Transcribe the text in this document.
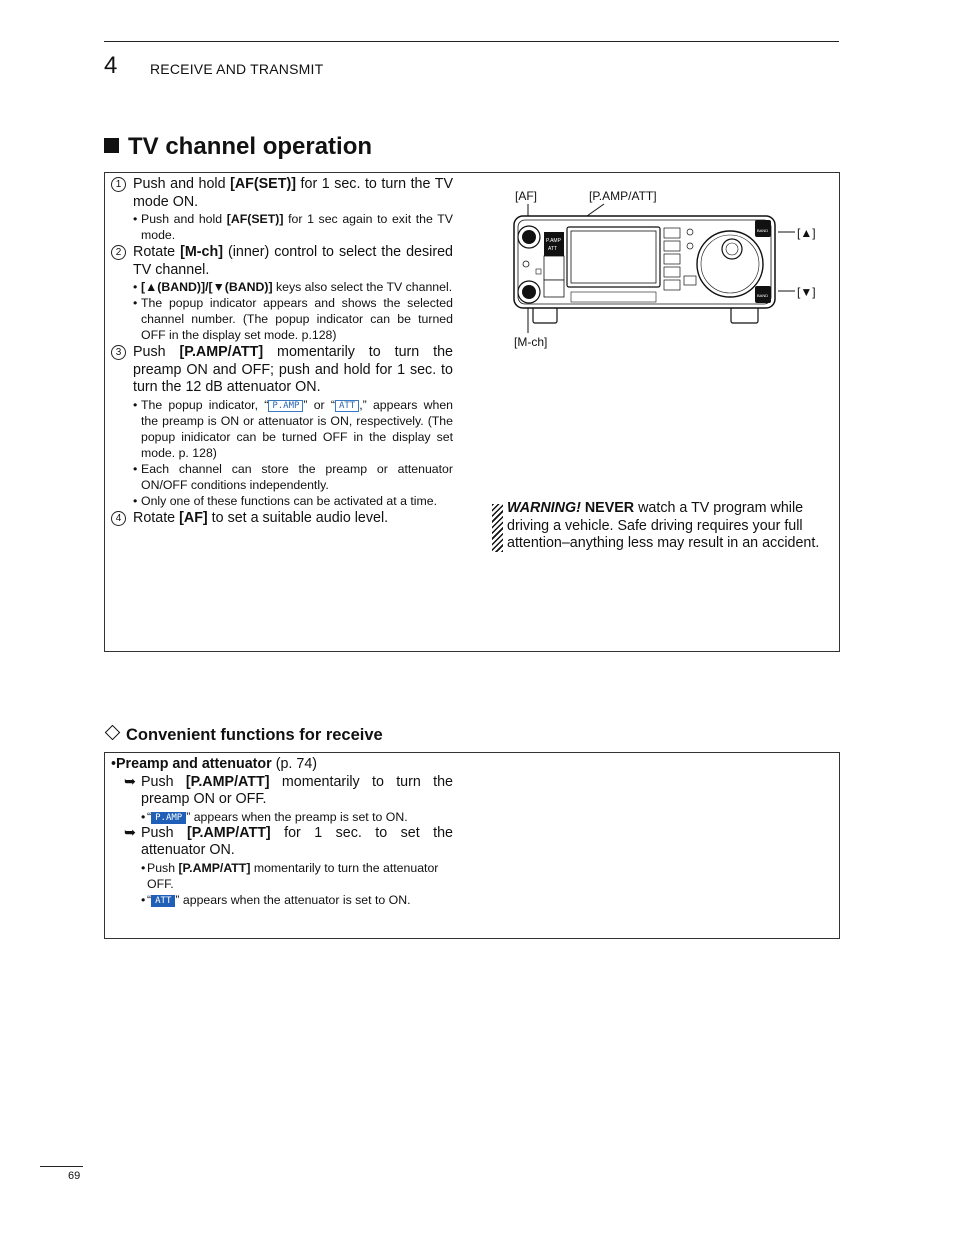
4 RECEIVE AND TRANSMIT
TV channel operation
1 Push and hold [AF(SET)] for 1 sec. to turn the TV mode ON.
• Push and hold [AF(SET)] for 1 sec again to exit the TV mode.
2 Rotate [M-ch] (inner) control to select the desired TV channel.
• [▲(BAND)]/[▼(BAND)] keys also select the TV channel.
• The popup indicator appears and shows the selected channel number. (The popup indicator can be turned OFF in the display set mode. p.128)
3 Push [P.AMP/ATT] momentarily to turn the preamp ON and OFF; push and hold for 1 sec. to turn the 12 dB attenuator ON.
• The popup indicator, “ P.AMP ” or “ ATT ,” appears when the preamp is ON or attenuator is ON, respectively. (The popup inidicator can be turned OFF in the display set mode. p. 128)
• Each channel can store the preamp or attenuator ON/OFF conditions independently.
• Only one of these functions can be activated at a time.
4 Rotate [AF] to set a suitable audio level.
[AF]	[P.AMP/ATT]
[▲]
[▼]
[M-ch]
P.AMP
ATT
BAND
BAND
WARNING! NEVER watch a TV program while driving a vehicle. Safe driving requires your full attention–anything less may result in an accident.
Convenient functions for receive
•Preamp and attenuator (p. 74)
➥ Push [P.AMP/ATT] momentarily to turn the preamp ON or OFF.
• “ P.AMP ” appears when the preamp is set to ON.
➥ Push [P.AMP/ATT] for 1 sec. to set the attenuator ON.
• Push [P.AMP/ATT] momentarily to turn the attenuator OFF.
• “ ATT ” appears when the attenuator is set to ON.
69
